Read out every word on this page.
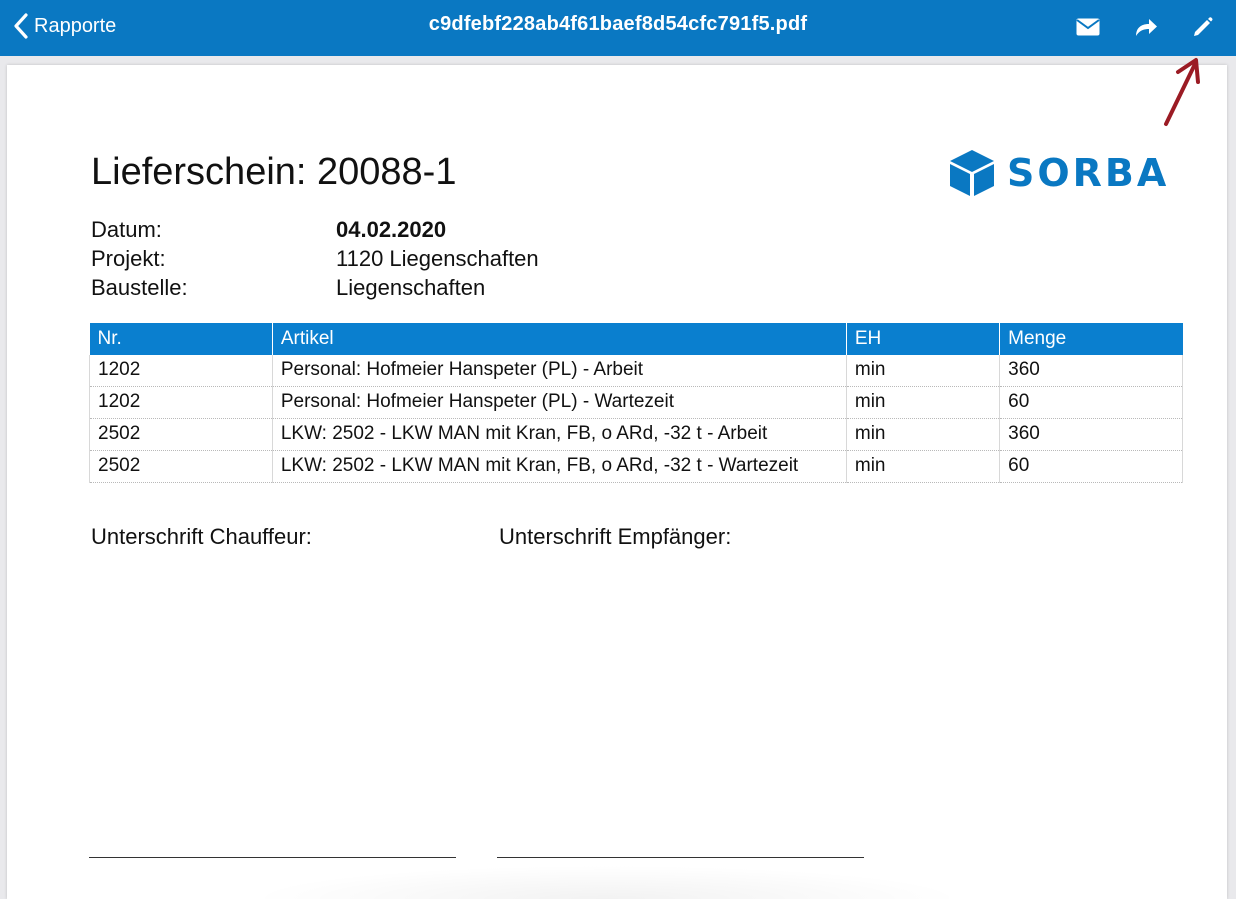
Rapporte	c9dfebf228ab4f61baef8d54cfc791f5.pdf
Lieferschein: 20088-1	SORBA
Datum:	04.02.2020
Projekt:	1120 Liegenschaften
Baustelle:	Liegenschaften
Nr.	Artikel	EH	Menge
1202	Personal: Hofmeier Hanspeter (PL) - Arbeit	min	360
1202	Personal: Hofmeier Hanspeter (PL) - Wartezeit	min	60
2502	LKW: 2502 - LKW MAN mit Kran, FB, o ARd, -32 t - Arbeit	min	360
2502	LKW: 2502 - LKW MAN mit Kran, FB, o ARd, -32 t - Wartezeit	min	60
Unterschrift Chauffeur:	Unterschrift Empfänger:
